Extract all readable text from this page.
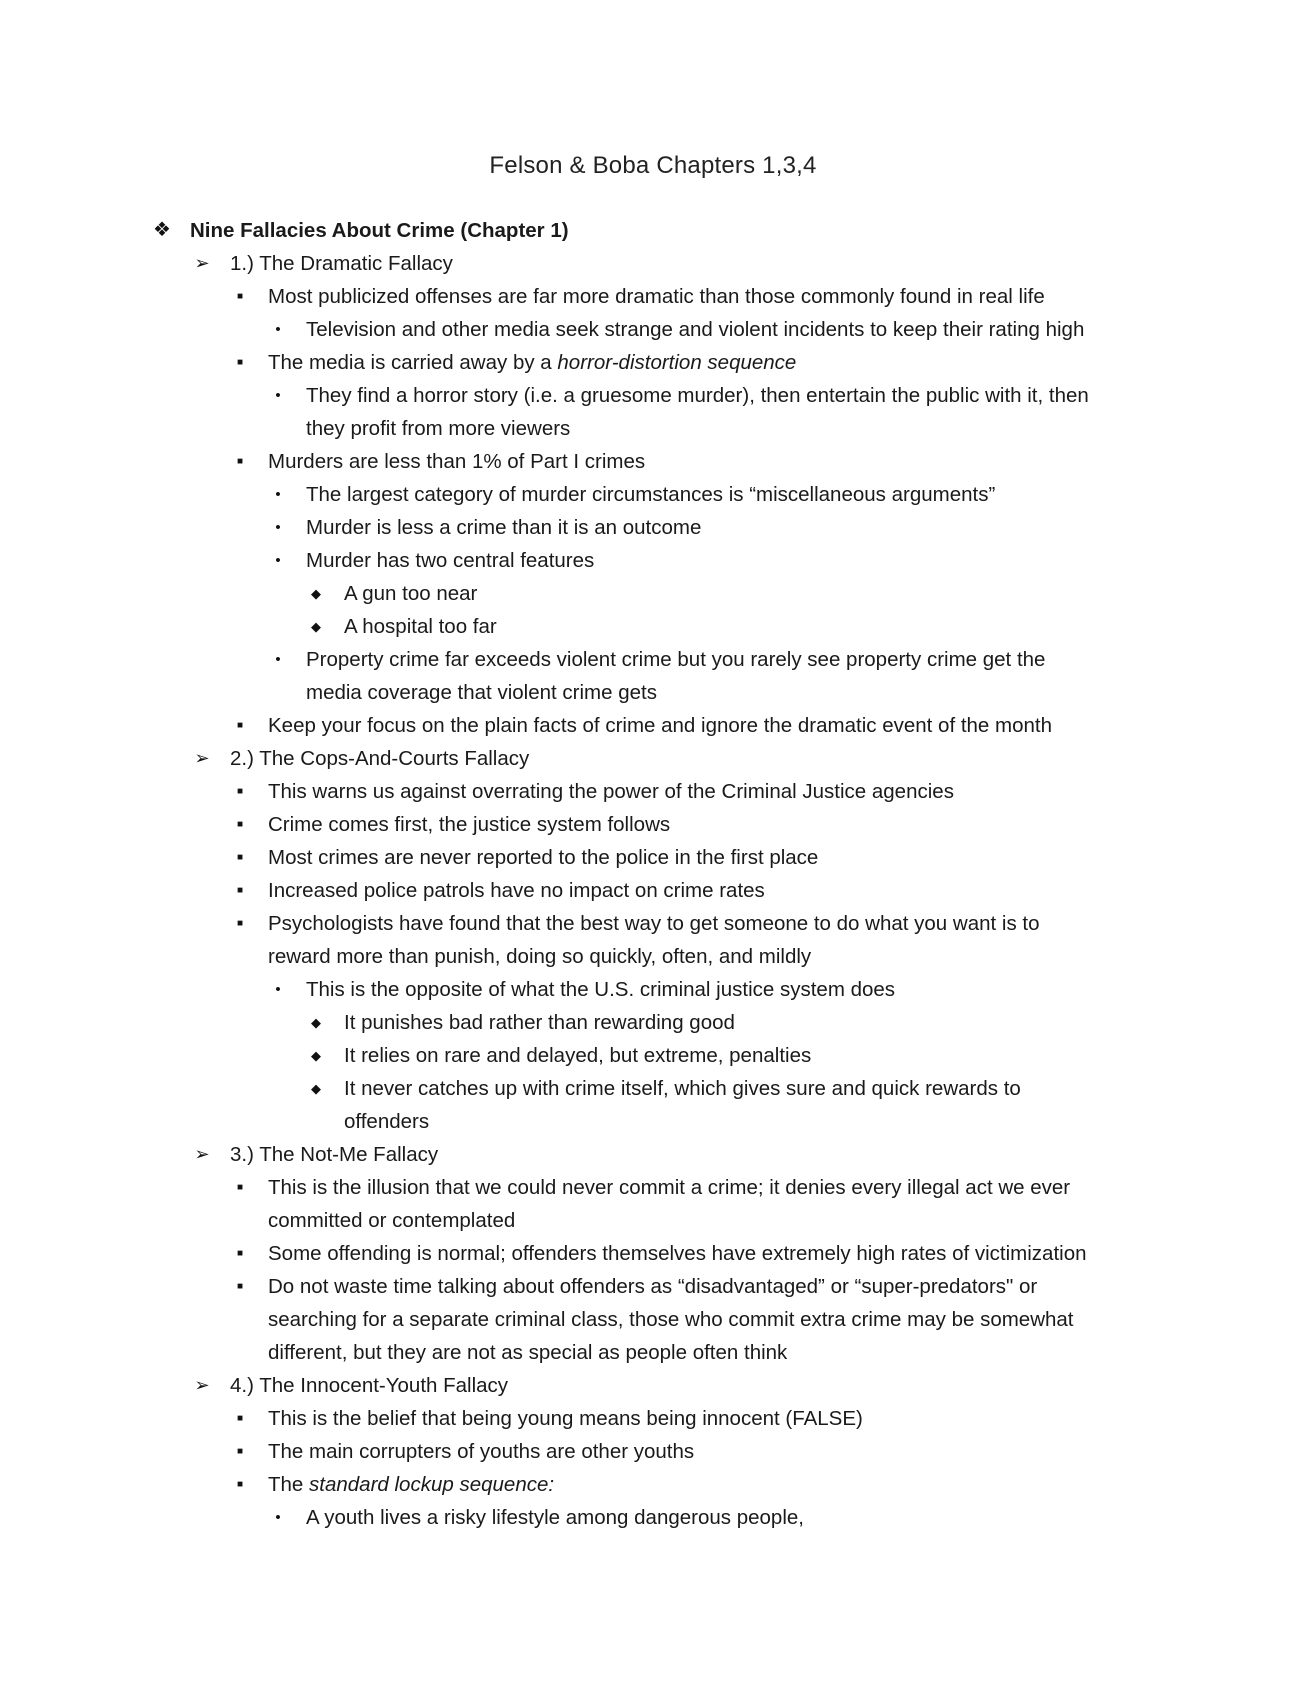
Felson & Boba Chapters 1,3,4
❖ Nine Fallacies About Crime (Chapter 1)
➢ 1.) The Dramatic Fallacy
■	Most publicized offenses are far more dramatic than those commonly found in real life
•	Television and other media seek strange and violent incidents to keep their rating high
■	The media is carried away by a horror-distortion sequence
•	They find a horror story (i.e. a gruesome murder), then entertain the public with it, then
they profit from more viewers
■	Murders are less than 1% of Part I crimes
•	The largest category of murder circumstances is “miscellaneous arguments”
•	Murder is less a crime than it is an outcome
•	Murder has two central features
◆	A gun too near
◆	A hospital too far
•	Property crime far exceeds violent crime but you rarely see property crime get the
media coverage that violent crime gets
■	Keep your focus on the plain facts of crime and ignore the dramatic event of the month
➢ 2.) The Cops-And-Courts Fallacy
■	This warns us against overrating the power of the Criminal Justice agencies
■	Crime comes first, the justice system follows
■	Most crimes are never reported to the police in the first place
■	Increased police patrols have no impact on crime rates
■	Psychologists have found that the best way to get someone to do what you want is to
reward more than punish, doing so quickly, often, and mildly
•	This is the opposite of what the U.S. criminal justice system does
◆	It punishes bad rather than rewarding good
◆	It relies on rare and delayed, but extreme, penalties
◆	It never catches up with crime itself, which gives sure and quick rewards to
offenders
➢ 3.) The Not-Me Fallacy
■	This is the illusion that we could never commit a crime; it denies every illegal act we ever
committed or contemplated
■	Some offending is normal; offenders themselves have extremely high rates of victimization
■	Do not waste time talking about offenders as “disadvantaged” or “super-predators" or
searching for a separate criminal class, those who commit extra crime may be somewhat
different, but they are not as special as people often think
➢ 4.) The Innocent-Youth Fallacy
■	This is the belief that being young means being innocent (FALSE)
■	The main corrupters of youths are other youths
■	The standard lockup sequence:
•	A youth lives a risky lifestyle among dangerous people,
